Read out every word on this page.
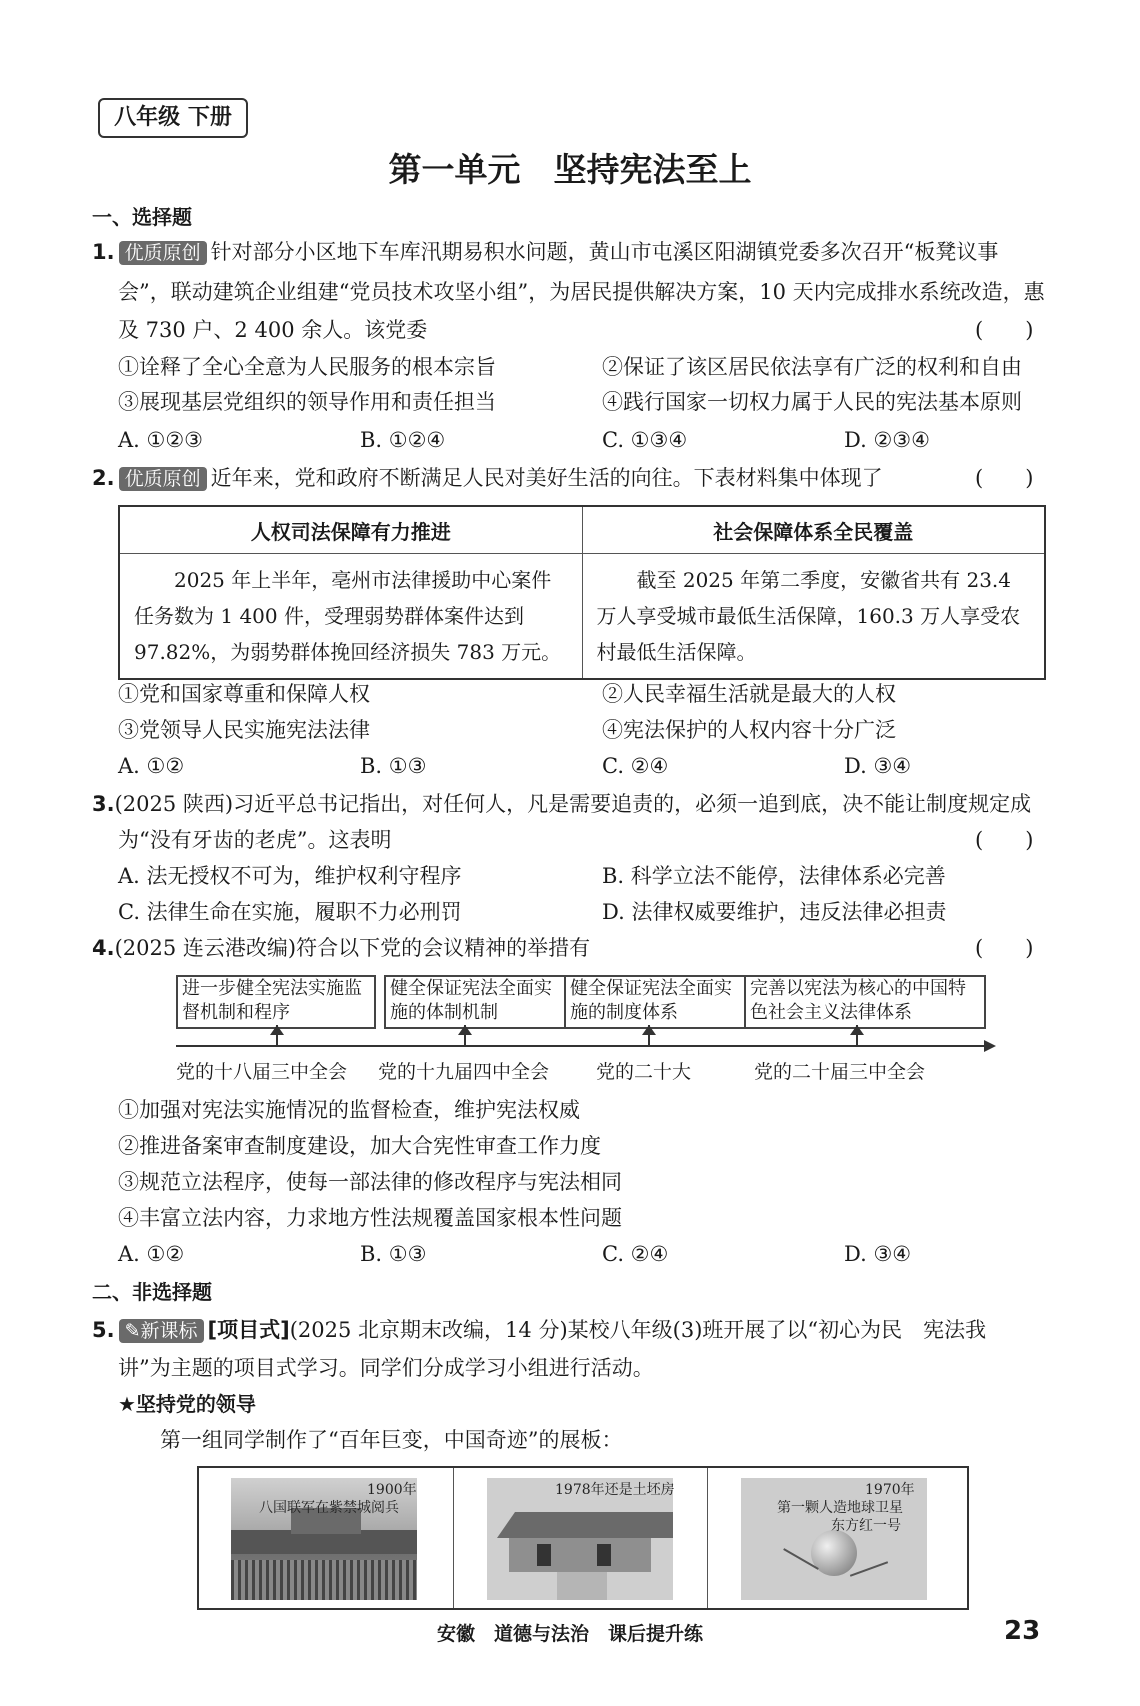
八年级 下册
第一单元　坚持宪法至上
一、选择题
1. 优质原创 针对部分小区地下车库汛期易积水问题，黄山市屯溪区阳湖镇党委多次召开“板凳议事
会”，联动建筑企业组建“党员技术攻坚小组”，为居民提供解决方案，10 天内完成排水系统改造，惠
及 730 户、2 400 余人。该党委	(　　)
①诠释了全心全意为人民服务的根本宗旨	②保证了该区居民依法享有广泛的权利和自由
③展现基层党组织的领导作用和责任担当	④践行国家一切权力属于人民的宪法基本原则
A. ①②③	B. ①②④	C. ①③④	D. ②③④
2. 优质原创 近年来，党和政府不断满足人民对美好生活的向往。下表材料集中体现了	(　　)
人权司法保障有力推进	社会保障体系全民覆盖
2025 年上半年，亳州市法律援助中心案件任务数为 1 400 件，受理弱势群体案件达到 97.82%，为弱势群体挽回经济损失 783 万元。	截至 2025 年第二季度，安徽省共有 23.4 万人享受城市最低生活保障，160.3 万人享受农村最低生活保障。
①党和国家尊重和保障人权	②人民幸福生活就是最大的人权
③党领导人民实施宪法法律	④宪法保护的人权内容十分广泛
A. ①②	B. ①③	C. ②④	D. ③④
3.(2025 陕西)习近平总书记指出，对任何人，凡是需要追责的，必须一追到底，决不能让制度规定成
为“没有牙齿的老虎”。这表明	(　　)
A. 法无授权不可为，维护权利守程序	B. 科学立法不能停，法律体系必完善
C. 法律生命在实施，履职不力必刑罚	D. 法律权威要维护，违反法律必担责
4.(2025 连云港改编)符合以下党的会议精神的举措有	(　　)
进一步健全宪法实施监督机制和程序
健全保证宪法全面实施的体制机制
健全保证宪法全面实施的制度体系
完善以宪法为核心的中国特色社会主义法律体系
党的十八届三中全会 党的十九届四中全会 党的二十大	党的二十届三中全会
①加强对宪法实施情况的监督检查，维护宪法权威
②推进备案审查制度建设，加大合宪性审查工作力度
③规范立法程序，使每一部法律的修改程序与宪法相同
④丰富立法内容，力求地方性法规覆盖国家根本性问题
A. ①②	B. ①③	C. ②④	D. ③④
二、非选择题
5. ✎新课标 [项目式](2025 北京期末改编，14 分)某校八年级(3)班开展了以“初心为民　宪法我
讲”为主题的项目式学习。同学们分成学习小组进行活动。
★坚持党的领导
第一组同学制作了“百年巨变，中国奇迹”的展板：
1900年
八国联军在紫禁城阅兵
1978年还是土坯房	1970年
第一颗人造地球卫星
东方红一号
安徽　道德与法治　课后提升练	23
